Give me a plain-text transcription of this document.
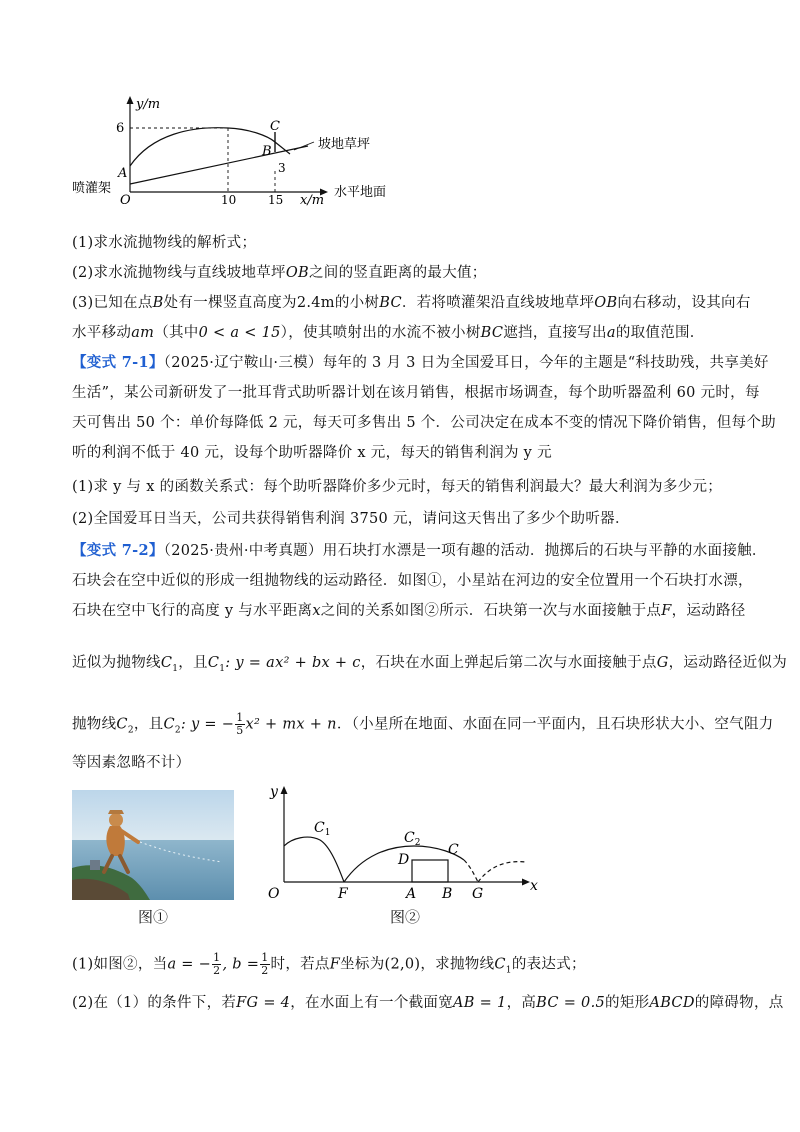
y/m
6
A
O
C
B
3
10	15 x/m
坡地草坪
水平地面
喷灌架
(1)求水流抛物线的解析式；
(2)求水流抛物线与直线坡地草坪OB之间的竖直距离的最大值；
(3)已知在点B处有一棵竖直高度为2.4m的小树BC．若将喷灌架沿直线坡地草坪OB向右移动，设其向右
水平移动am（其中0 < a < 15），使其喷射出的水流不被小树BC遮挡，直接写出a的取值范围．
【变式 7-1】（2025·辽宁鞍山·三模）每年的 3 月 3 日为全国爱耳日，今年的主题是“科技助残，共享美好
生活”，某公司新研发了一批耳背式助听器计划在该月销售，根据市场调查，每个助听器盈利 60 元时，每
天可售出 50 个：单价每降低 2 元，每天可多售出 5 个．公司决定在成本不变的情况下降价销售，但每个助
听的利润不低于 40 元，设每个助听器降价 x 元，每天的销售利润为 y 元
(1)求 y 与 x 的函数关系式：每个助听器降价多少元时，每天的销售利润最大？最大利润为多少元；
(2)全国爱耳日当天，公司共获得销售利润 3750 元，请问这天售出了多少个助听器．
【变式 7-2】（2025·贵州·中考真题）用石块打水漂是一项有趣的活动．抛掷后的石块与平静的水面接触．
石块会在空中近似的形成一组抛物线的运动路径．如图①，小星站在河边的安全位置用一个石块打水漂，
石块在空中飞行的高度 y 与水平距离x之间的关系如图②所示．石块第一次与水面接触于点F，运动路径
近似为抛物线$C_1$，且$C_1$: y = ax² + bx + c，石块在水面上弹起后第二次与水面接触于点G，运动路径近似为
抛物线$C_2$，且$C_2$: y = − $\frac{1}{5} x^2$ + mx + n．（小星所在地面、水面在同一平面内，且石块形状大小、空气阻力
等因素忽略不计）
图①
y
x
O	F	A B G
D
C
$C_1$	$C_2$
图②
(1)如图②，当a = − $\frac{1}{2}$ , $b = \frac{1}{2}$ 时，若点F坐标为(2,0)，求抛物线$C_1$的表达式；
(2)在（1）的条件下，若FG = 4，在水面上有一个截面宽AB = 1，高BC = 0.5的矩形ABCD的障碍物，点
